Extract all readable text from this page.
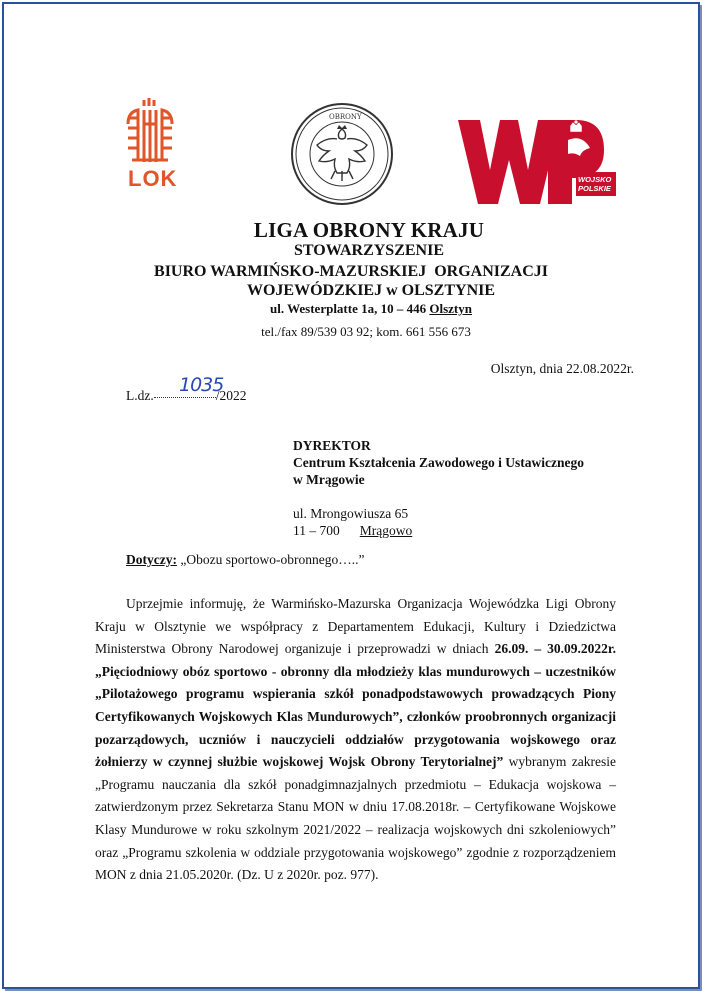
LOK
OBRONY
WOJSKO POLSKIE
LIGA OBRONY KRAJU
STOWARZYSZENIE
BIURO WARMIŃSKO-MAZURSKIEJ  ORGANIZACJI
WOJEWÓDZKIEJ w OLSZTYNIE
ul. Westerplatte 1a, 10 – 446 Olsztyn
tel./fax 89/539 03 92; kom. 661 556 673
Olsztyn, dnia 22.08.2022r.
L.dz.	/2022
1035
DYREKTOR
Centrum Kształcenia Zawodowego i Ustawicznego
w Mrągowie
ul. Mrongowiusza 65
11 – 700 Mrągowo
Dotyczy: „Obozu sportowo-obronnego…..”
Uprzejmie informuję, że Warmińsko-Mazurska Organizacja Wojewódzka Ligi Obrony Kraju w Olsztynie we współpracy z Departamentem Edukacji, Kultury i Dziedzictwa Ministerstwa Obrony Narodowej organizuje i przeprowadzi w dniach 26.09. – 30.09.2022r. „Pięciodniowy obóz sportowo - obronny dla młodzieży klas mundurowych – uczestników „Pilotażowego programu wspierania szkół ponadpodstawowych prowadzących Piony Certyfikowanych Wojskowych Klas Mundurowych”, członków proobronnych organizacji pozarządowych, uczniów i nauczycieli oddziałów przygotowania wojskowego oraz żołnierzy w czynnej służbie wojskowej Wojsk Obrony Terytorialnej” wybranym zakresie „Programu nauczania dla szkół ponadgimnazjalnych przedmiotu – Edukacja wojskowa – zatwierdzonym przez Sekretarza Stanu MON w dniu 17.08.2018r. – Certyfikowane Wojskowe Klasy Mundurowe w roku szkolnym 2021/2022 – realizacja wojskowych dni szkoleniowych” oraz „Programu szkolenia w oddziale przygotowania wojskowego” zgodnie z rozporządzeniem MON z dnia 21.05.2020r. (Dz. U z 2020r. poz. 977).
